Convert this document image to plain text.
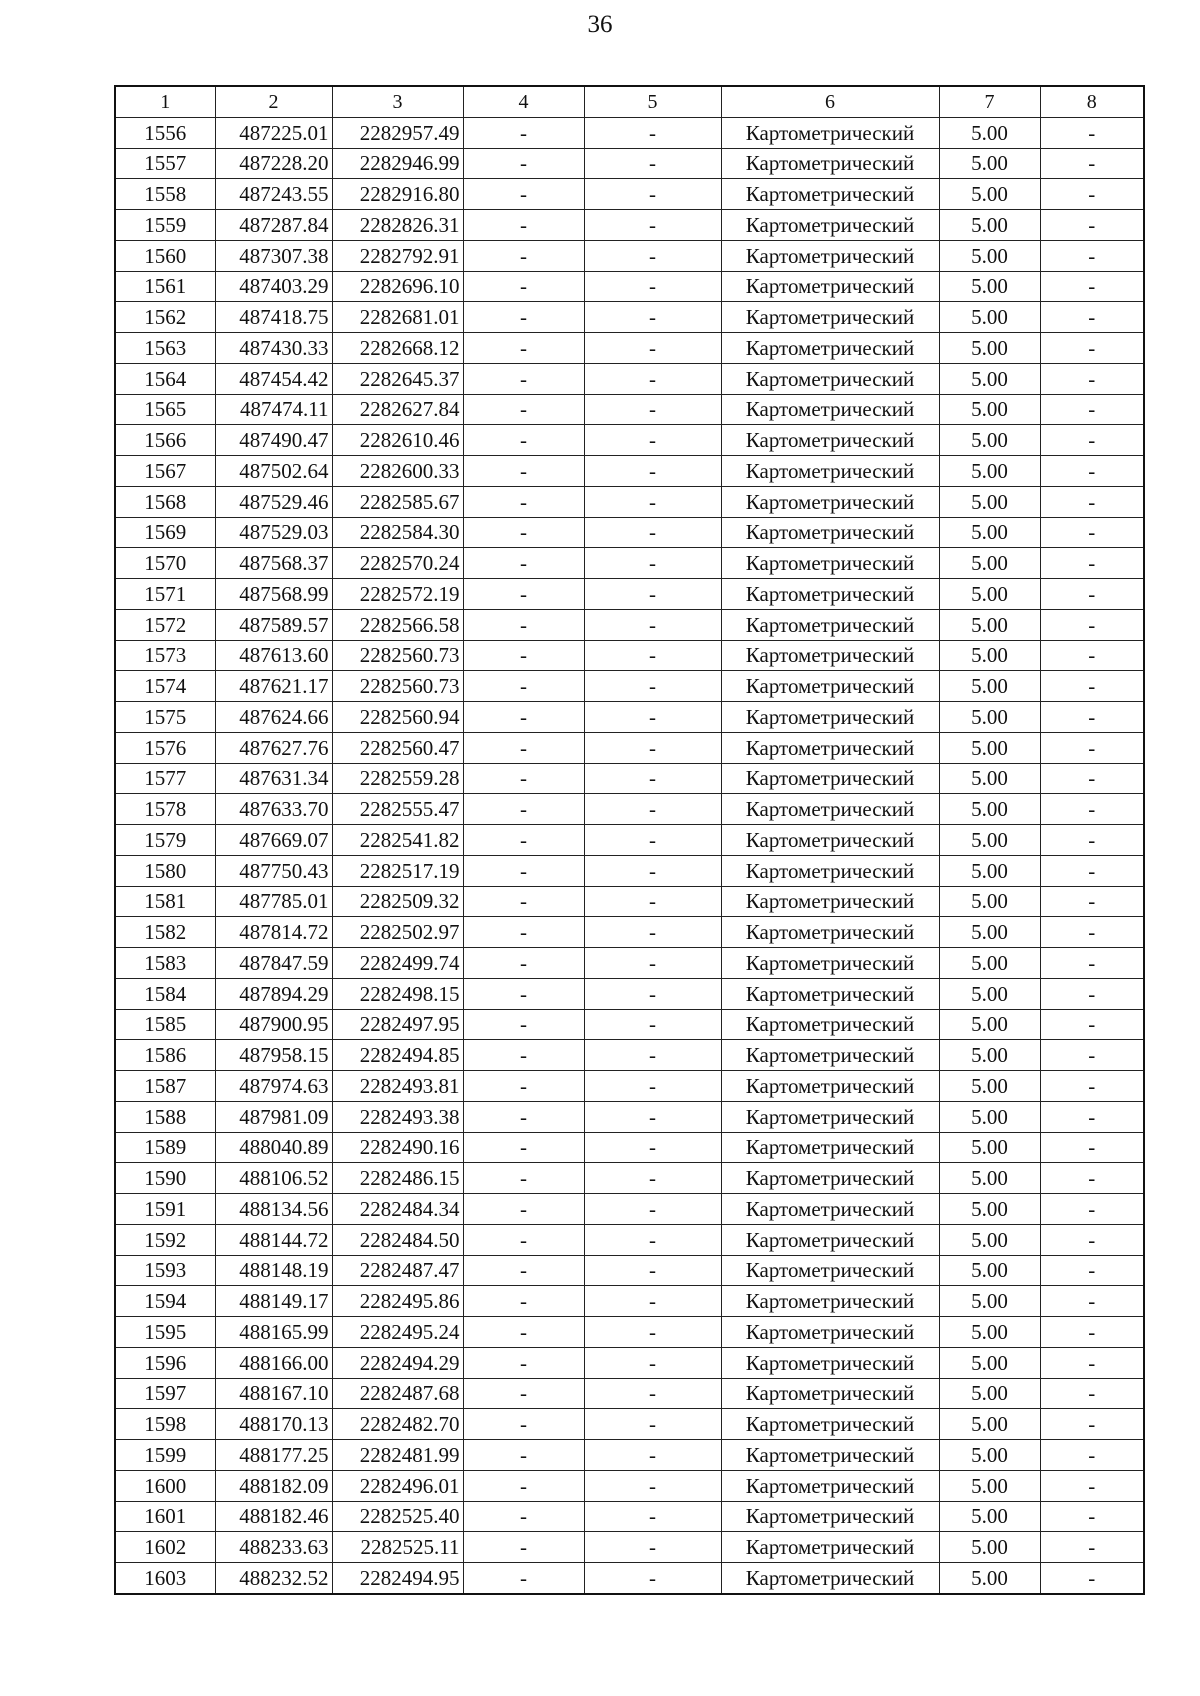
36
1	2	3	4	5	6	7	8
1556	487225.01	2282957.49	-	-	Картометрический	5.00	-
1557	487228.20	2282946.99	-	-	Картометрический	5.00	-
1558	487243.55	2282916.80	-	-	Картометрический	5.00	-
1559	487287.84	2282826.31	-	-	Картометрический	5.00	-
1560	487307.38	2282792.91	-	-	Картометрический	5.00	-
1561	487403.29	2282696.10	-	-	Картометрический	5.00	-
1562	487418.75	2282681.01	-	-	Картометрический	5.00	-
1563	487430.33	2282668.12	-	-	Картометрический	5.00	-
1564	487454.42	2282645.37	-	-	Картометрический	5.00	-
1565	487474.11	2282627.84	-	-	Картометрический	5.00	-
1566	487490.47	2282610.46	-	-	Картометрический	5.00	-
1567	487502.64	2282600.33	-	-	Картометрический	5.00	-
1568	487529.46	2282585.67	-	-	Картометрический	5.00	-
1569	487529.03	2282584.30	-	-	Картометрический	5.00	-
1570	487568.37	2282570.24	-	-	Картометрический	5.00	-
1571	487568.99	2282572.19	-	-	Картометрический	5.00	-
1572	487589.57	2282566.58	-	-	Картометрический	5.00	-
1573	487613.60	2282560.73	-	-	Картометрический	5.00	-
1574	487621.17	2282560.73	-	-	Картометрический	5.00	-
1575	487624.66	2282560.94	-	-	Картометрический	5.00	-
1576	487627.76	2282560.47	-	-	Картометрический	5.00	-
1577	487631.34	2282559.28	-	-	Картометрический	5.00	-
1578	487633.70	2282555.47	-	-	Картометрический	5.00	-
1579	487669.07	2282541.82	-	-	Картометрический	5.00	-
1580	487750.43	2282517.19	-	-	Картометрический	5.00	-
1581	487785.01	2282509.32	-	-	Картометрический	5.00	-
1582	487814.72	2282502.97	-	-	Картометрический	5.00	-
1583	487847.59	2282499.74	-	-	Картометрический	5.00	-
1584	487894.29	2282498.15	-	-	Картометрический	5.00	-
1585	487900.95	2282497.95	-	-	Картометрический	5.00	-
1586	487958.15	2282494.85	-	-	Картометрический	5.00	-
1587	487974.63	2282493.81	-	-	Картометрический	5.00	-
1588	487981.09	2282493.38	-	-	Картометрический	5.00	-
1589	488040.89	2282490.16	-	-	Картометрический	5.00	-
1590	488106.52	2282486.15	-	-	Картометрический	5.00	-
1591	488134.56	2282484.34	-	-	Картометрический	5.00	-
1592	488144.72	2282484.50	-	-	Картометрический	5.00	-
1593	488148.19	2282487.47	-	-	Картометрический	5.00	-
1594	488149.17	2282495.86	-	-	Картометрический	5.00	-
1595	488165.99	2282495.24	-	-	Картометрический	5.00	-
1596	488166.00	2282494.29	-	-	Картометрический	5.00	-
1597	488167.10	2282487.68	-	-	Картометрический	5.00	-
1598	488170.13	2282482.70	-	-	Картометрический	5.00	-
1599	488177.25	2282481.99	-	-	Картометрический	5.00	-
1600	488182.09	2282496.01	-	-	Картометрический	5.00	-
1601	488182.46	2282525.40	-	-	Картометрический	5.00	-
1602	488233.63	2282525.11	-	-	Картометрический	5.00	-
1603	488232.52	2282494.95	-	-	Картометрический	5.00	-
